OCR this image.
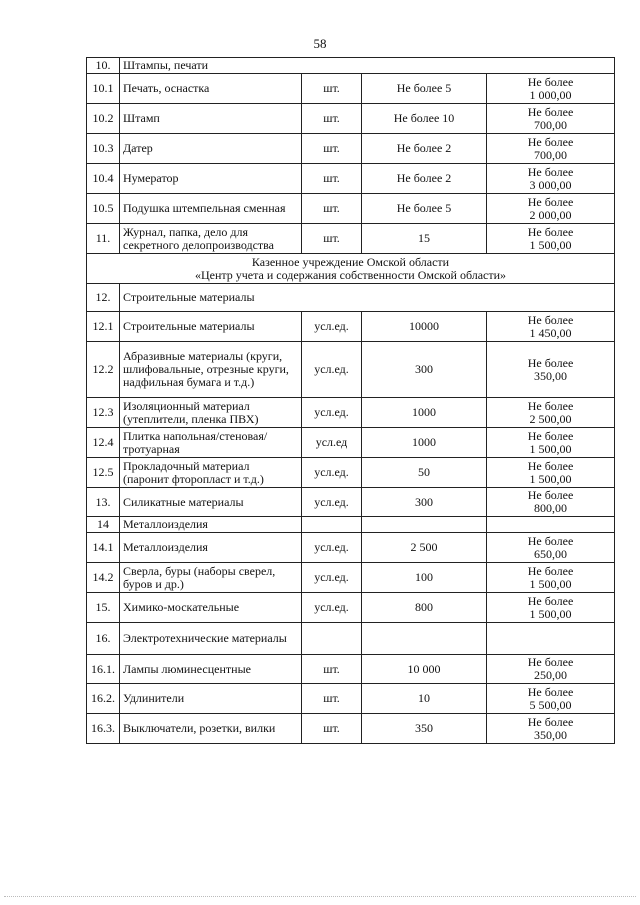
58
10.	Штампы, печати			
10.1	Печать, оснастка	шт.	Не более 5	Не более
1 000,00

10.2	Штамп	шт.	Не более 10	Не более
700,00

10.3	Датер	шт.	Не более 2	Не более
700,00

10.4	Нумератор	шт.	Не более 2	Не более
3 000,00

10.5	Подушка штемпельная сменная	шт.	Не более 5	Не более
2 000,00

11.	Журнал, папка, дело для секретного делопроизводства	шт.	15	Не более
1 500,00

Казенное учреждение Омской области
«Центр учета и содержания собственности Омской области»				

12.	Строительные материалы			
12.1	Строительные материалы	усл.ед.	10000	Не более
1 450,00

12.2	Абразивные материалы (круги, шлифовальные, отрезные круги, надфильная бумага и т.д.)	усл.ед.	300	Не более
350,00

12.3	Изоляционный материал (утеплители, пленка ПВХ)	усл.ед.	1000	Не более
2 500,00

12.4	Плитка напольная/стеновая/тротуарная	усл.ед	1000	Не более
1 500,00

12.5	Прокладочный материал (паронит фторопласт и т.д.)	усл.ед.	50	Не более
1 500,00

13.	Силикатные материалы	усл.ед.	300	Не более
800,00

14	Металлоизделия			
14.1	Металлоизделия	усл.ед.	2 500	Не более
650,00

14.2	Сверла, буры (наборы сверел, буров и др.)	усл.ед.	100	Не более
1 500,00

15.	Химико-москательные	усл.ед.	800	Не более
1 500,00

16.	Электротехнические материалы			
16.1.	Лампы люминесцентные	шт.	10 000	Не более
250,00

16.2.	Удлинители	шт.	10	Не более
5 500,00

16.3.	Выключатели, розетки, вилки	шт.	350	Не более
350,00
